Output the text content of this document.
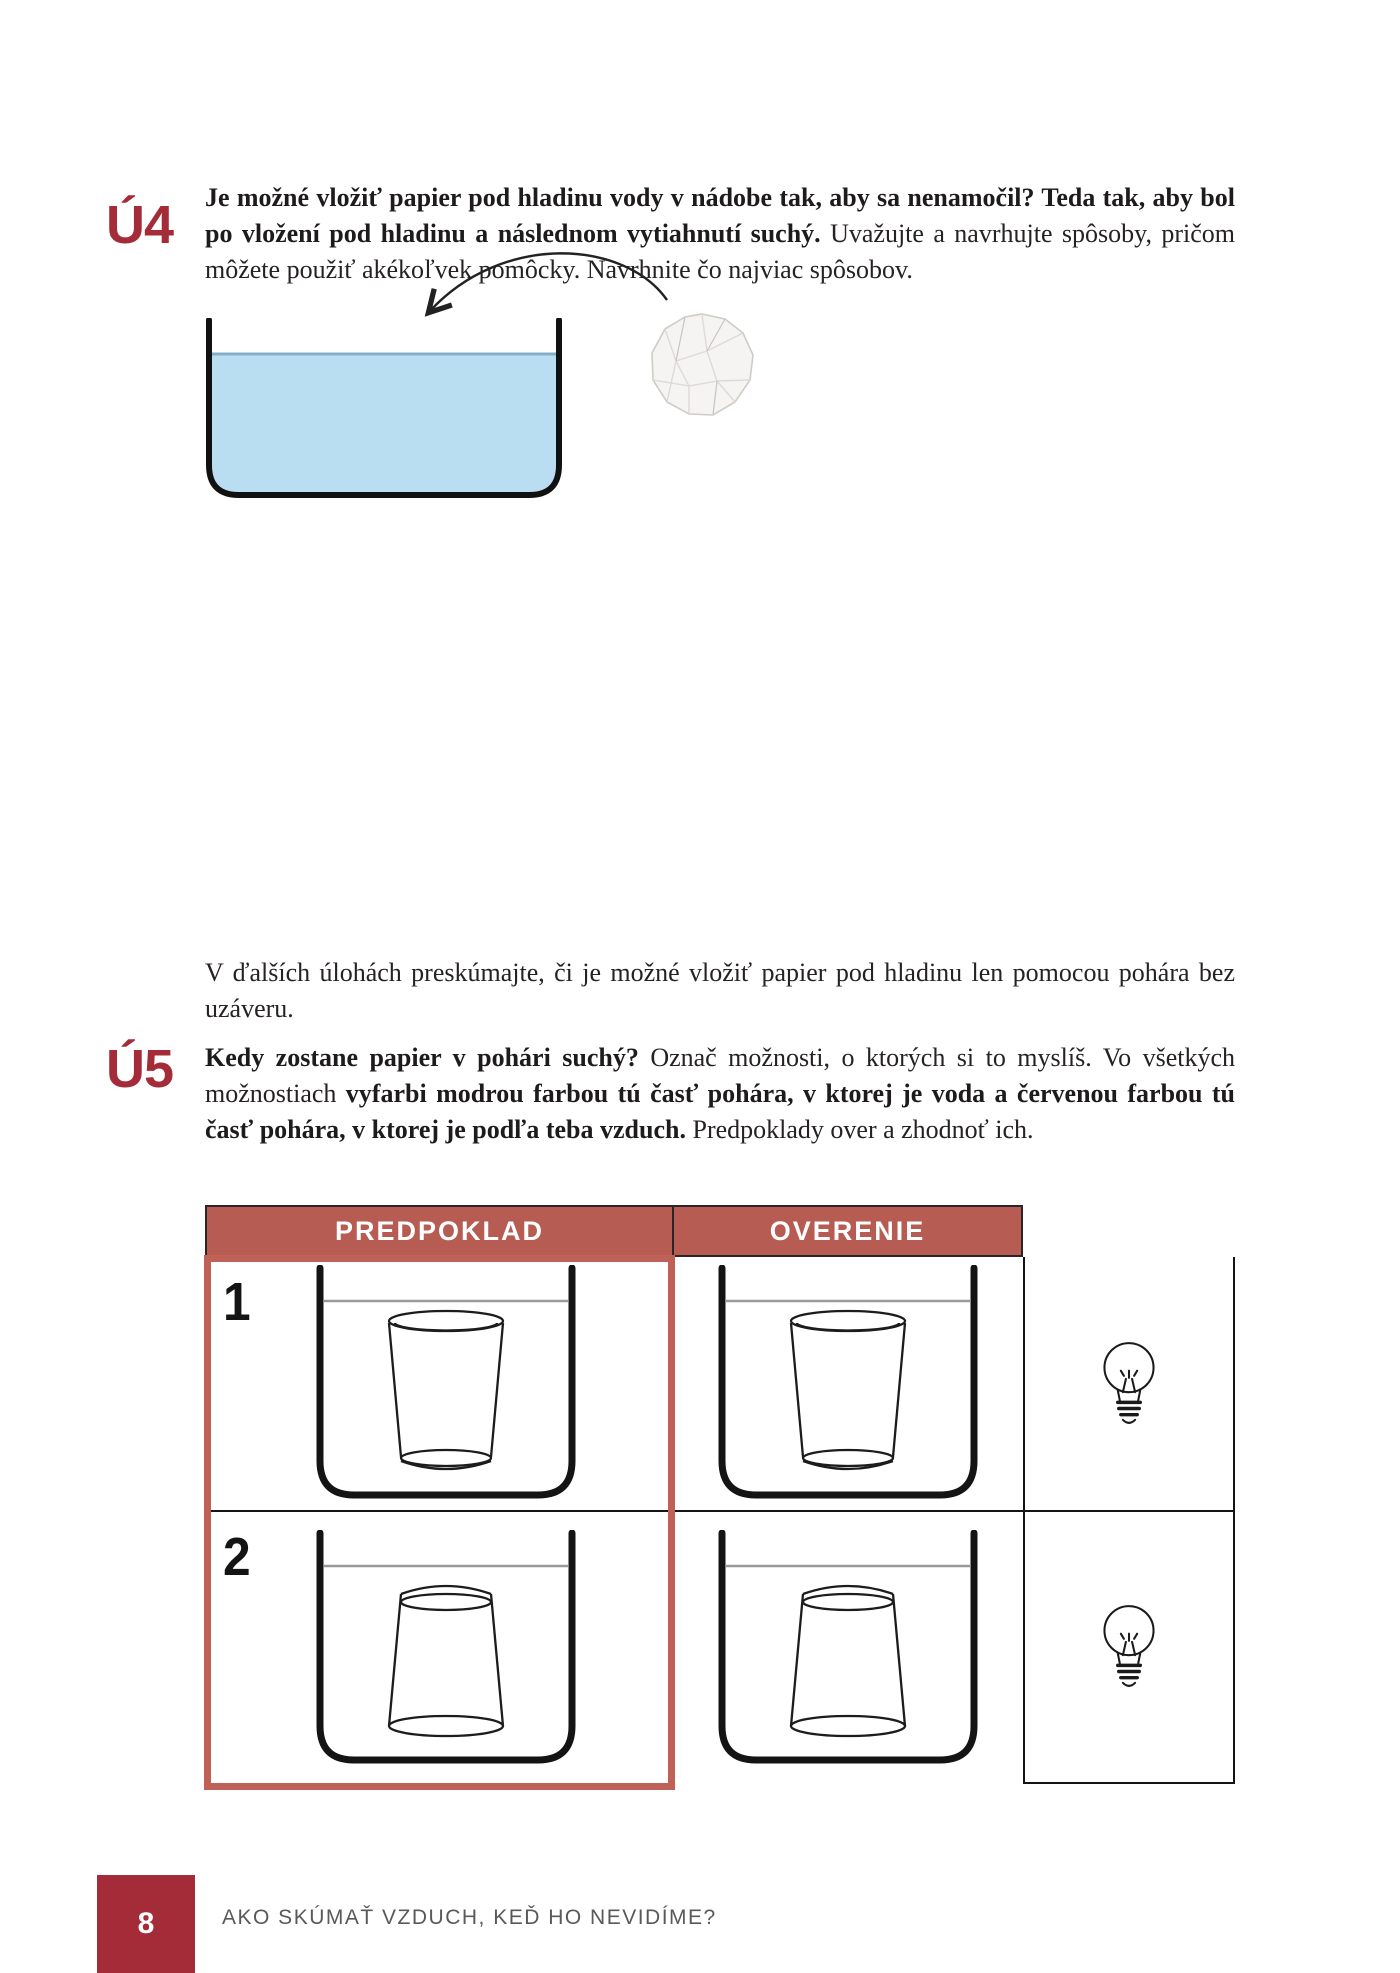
Ú4 Je možné vložiť papier pod hladinu vody v nádobe tak, aby sa nenamočil? Teda tak, aby bol po vložení pod hladinu a následnom vytiahnutí suchý. Uvažujte a navrhujte spôsoby, pričom môžete použiť akékoľvek pomôcky. Navrhnite čo najviac spôsobov.

V ďalších úlohách preskúmajte, či je možné vložiť papier pod hladinu len pomocou pohára bez uzáveru.

Ú5 Kedy zostane papier v pohári suchý? Označ možnosti, o ktorých si to myslíš. Vo všetkých možnostiach vyfarbi modrou farbou tú časť pohára, v ktorej je voda a červenou farbou tú časť pohára, v ktorej je podľa teba vzduch. Predpoklady over a zhodnoť ich.

PREDPOKLAD	OVERENIE
1
2
8	AKO SKÚMAŤ VZDUCH, KEĎ HO NEVIDÍME?
